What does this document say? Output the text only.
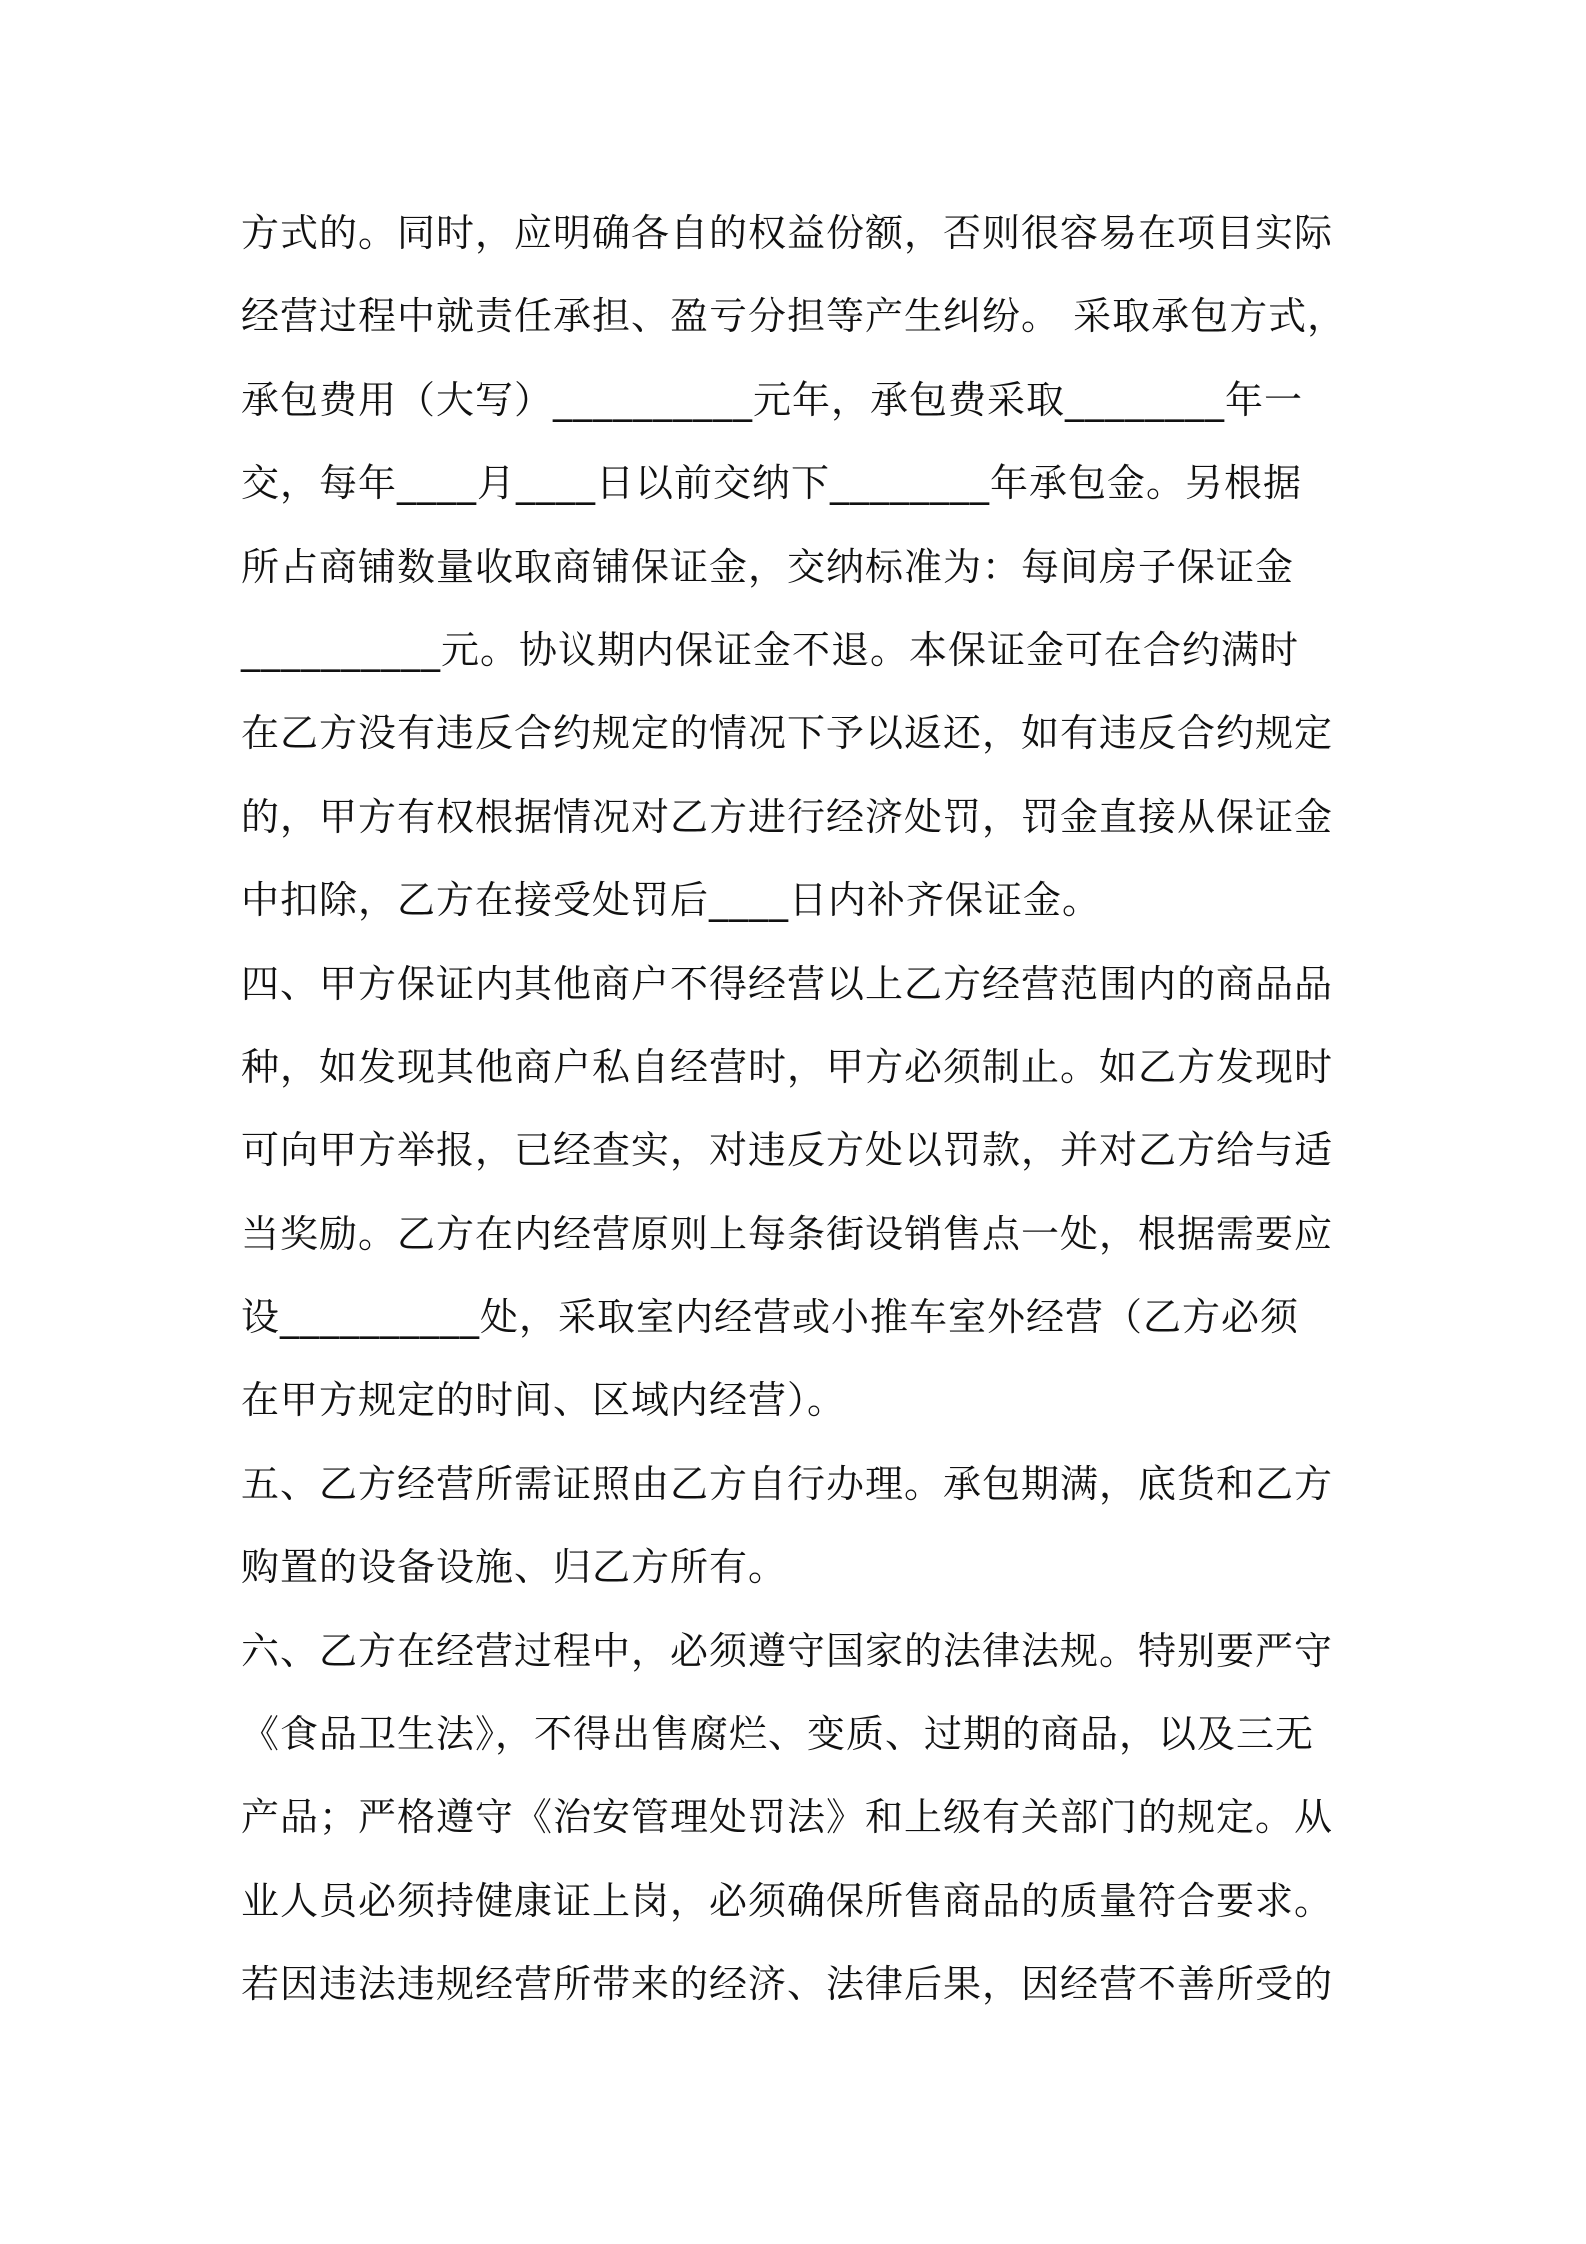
方式的。同时，应明确各自的权益份额，否则很容易在项目实际
经营过程中就责任承担、盈亏分担等产生纠纷。 采取承包方式，
承包费用（大写）__________元年，承包费采取________年一
交，每年____月____日以前交纳下________年承包金。另根据
所占商铺数量收取商铺保证金，交纳标准为：每间房子保证金
__________元。协议期内保证金不退。本保证金可在合约满时
在乙方没有违反合约规定的情况下予以返还，如有违反合约规定
的，甲方有权根据情况对乙方进行经济处罚，罚金直接从保证金
中扣除，乙方在接受处罚后____日内补齐保证金。
四、甲方保证内其他商户不得经营以上乙方经营范围内的商品品
种，如发现其他商户私自经营时，甲方必须制止。如乙方发现时
可向甲方举报，已经查实，对违反方处以罚款，并对乙方给与适
当奖励。乙方在内经营原则上每条街设销售点一处，根据需要应
设__________处，采取室内经营或小推车室外经营（乙方必须
在甲方规定的时间、区域内经营）。
五、乙方经营所需证照由乙方自行办理。承包期满，底货和乙方
购置的设备设施、归乙方所有。
六、乙方在经营过程中，必须遵守国家的法律法规。特别要严守
《食品卫生法》，不得出售腐烂、变质、过期的商品，以及三无
产品；严格遵守《治安管理处罚法》和上级有关部门的规定。从
业人员必须持健康证上岗，必须确保所售商品的质量符合要求。
若因违法违规经营所带来的经济、法律后果，因经营不善所受的
